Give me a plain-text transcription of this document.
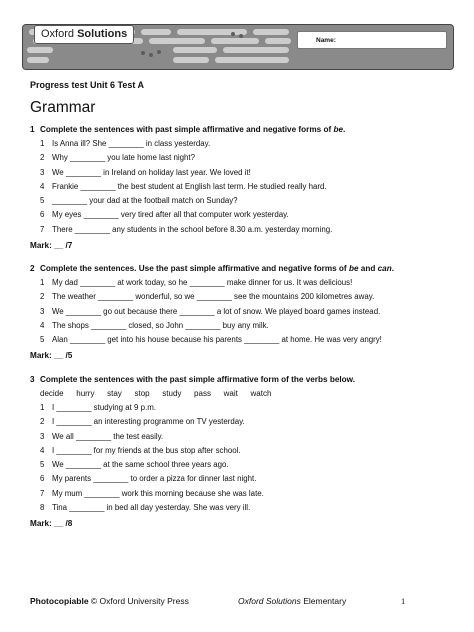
Name:
Oxford Solutions
Progress test Unit 6 Test A
Grammar
1 Complete the sentences with past simple affirmative and negative forms of be.
1 Is Anna ill? She ________ in class yesterday.
2 Why ________ you late home last night?
3 We ________ in Ireland on holiday last year. We loved it!
4 Frankie ________ the best student at English last term. He studied really hard.
5 ________ your dad at the football match on Sunday?
6 My eyes ________ very tired after all that computer work yesterday.
7 There ________ any students in the school before 8.30 a.m. yesterday morning.
Mark: __ /7
2 Complete the sentences. Use the past simple affirmative and negative forms of be and can.
1 My dad ________ at work today, so he ________ make dinner for us. It was delicious!
2 The weather ________ wonderful, so we ________ see the mountains 200 kilometres away.
3 We ________ go out because there ________ a lot of snow. We played board games instead.
4 The shops ________ closed, so John ________ buy any milk.
5 Alan ________ get into his house because his parents ________ at home. He was very angry!
Mark: __ /5
3 Complete the sentences with the past simple affirmative form of the verbs below.
decide   hurry   stay   stop   study   pass   wait   watch
1 I ________ studying at 9 p.m.
2 I ________ an interesting programme on TV yesterday.
3 We all ________ the test easily.
4 I ________ for my friends at the bus stop after school.
5 We ________ at the same school three years ago.
6 My parents ________ to order a pizza for dinner last night.
7 My mum ________ work this morning because she was late.
8 Tina ________ in bed all day yesterday. She was very ill.
Mark: __ /8
Photocopiable © Oxford University Press	Oxford Solutions Elementary	1
